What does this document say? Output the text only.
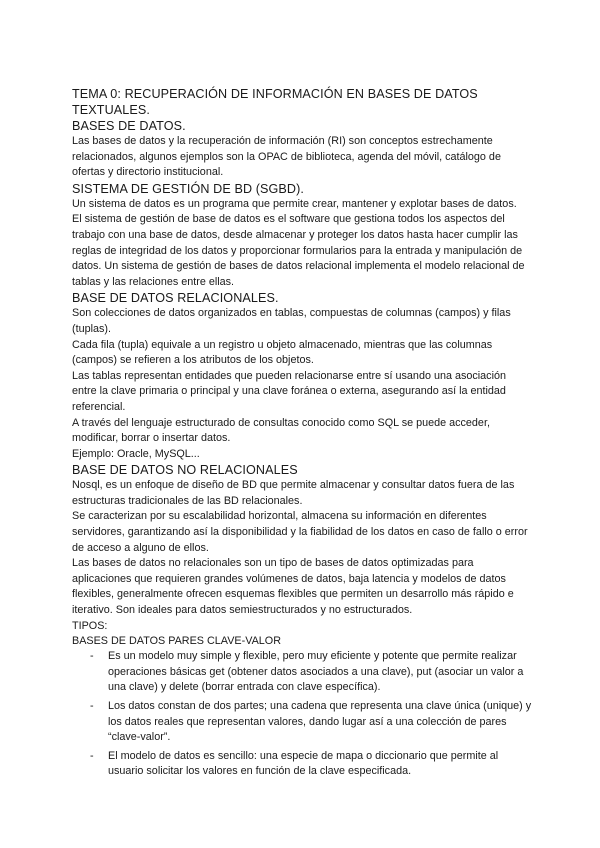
TEMA 0: RECUPERACIÓN DE INFORMACIÓN EN BASES DE DATOS TEXTUALES.
BASES DE DATOS.

Las bases de datos y la recuperación de información (RI) son conceptos estrechamente relacionados, algunos ejemplos son la OPAC de biblioteca, agenda del móvil, catálogo de ofertas y directorio institucional.

SISTEMA DE GESTIÓN DE BD (SGBD).

Un sistema de datos es un programa que permite crear, mantener y explotar bases de datos.

El sistema de gestión de base de datos es el software que gestiona todos los aspectos del trabajo con una base de datos, desde almacenar y proteger los datos hasta hacer cumplir las reglas de integridad de los datos y proporcionar formularios para la entrada y manipulación de datos. Un sistema de gestión de bases de datos relacional implementa el modelo relacional de tablas y las relaciones entre ellas.

BASE DE DATOS RELACIONALES.

Son colecciones de datos organizados en tablas, compuestas de columnas (campos) y filas (tuplas).

Cada fila (tupla) equivale a un registro u objeto almacenado, mientras que las columnas (campos) se refieren a los atributos de los objetos.

Las tablas representan entidades que pueden relacionarse entre sí usando una asociación entre la clave primaria o principal y una clave foránea o externa, asegurando así la entidad referencial.

A través del lenguaje estructurado de consultas conocido como SQL se puede acceder, modificar, borrar o insertar datos.

Ejemplo: Oracle, MySQL...

BASE DE DATOS NO RELACIONALES

Nosql, es un enfoque de diseño de BD que permite almacenar y consultar datos fuera de las estructuras tradicionales de las BD relacionales.

Se caracterizan por su escalabilidad horizontal, almacena su información en diferentes servidores, garantizando así la disponibilidad y la fiabilidad de los datos en caso de fallo o error de acceso a alguno de ellos.

Las bases de datos no relacionales son un tipo de bases de datos optimizadas para aplicaciones que requieren grandes volúmenes de datos, baja latencia y modelos de datos flexibles, generalmente ofrecen esquemas flexibles que permiten un desarrollo más rápido e iterativo. Son ideales para datos semiestructurados y no estructurados.

TIPOS:

BASES DE DATOS PARES CLAVE-VALOR

- Es un modelo muy simple y flexible, pero muy eficiente y potente que permite realizar operaciones básicas get (obtener datos asociados a una clave), put (asociar un valor a una clave) y delete (borrar entrada con clave específica).
- Los datos constan de dos partes; una cadena que representa una clave única (unique) y los datos reales que representan valores, dando lugar así a una colección de pares “clave-valor”.
- El modelo de datos es sencillo: una especie de mapa o diccionario que permite al usuario solicitar los valores en función de la clave especificada.
